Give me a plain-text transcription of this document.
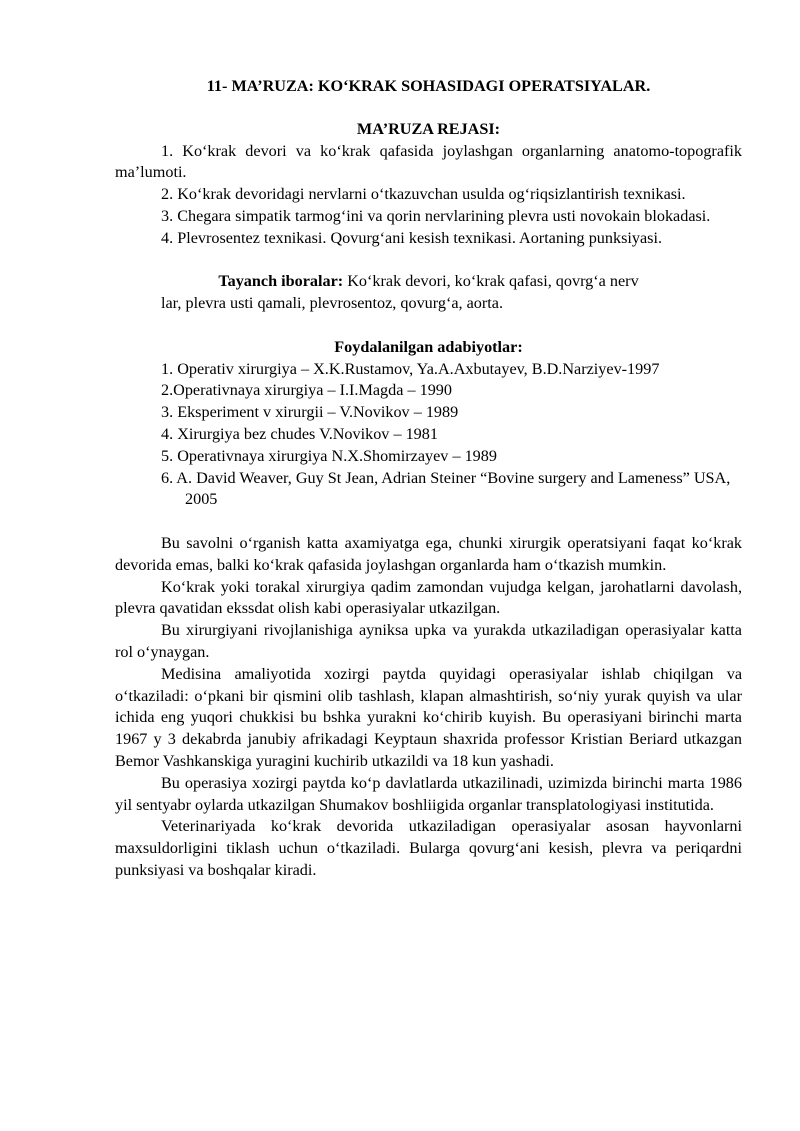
11- MA’RUZA: KO‘KRAK SOHASIDAGI OPERATSIYALAR.

MA’RUZA REJASI:

1. Ko‘krak devori va ko‘krak qafasida joylashgan organlarning anatomo-topografik ma’lumoti.

2. Ko‘krak devoridagi nervlarni o‘tkazuvchan usulda og‘riqsizlantirish texnikasi.

3. Chegara simpatik tarmog‘ini va qorin nervlarining plevra usti novokain blokadasi.

4. Plevrosentez texnikasi. Qovurg‘ani kesish texnikasi. Aortaning punksiyasi.

Tayanch iboralar: Ko‘krak devori, ko‘krak qafasi, qovrg‘a nerv

lar, plevra usti qamali, plevrosentoz, qovurg‘a, aorta.

Foydalanilgan adabiyotlar:

1. Operativ xirurgiya – X.K.Rustamov, Ya.A.Axbutayev, B.D.Narziyev-1997

2.Operativnaya xirurgiya – I.I.Magda – 1990

3. Eksperiment v xirurgii – V.Novikov – 1989

4. Xirurgiya bez chudes V.Novikov – 1981

5. Operativnaya xirurgiya N.X.Shomirzayev – 1989

6. A. David Weaver, Guy St Jean, Adrian Steiner “Bovine surgery and Lameness” USA,

2005

Bu savolni o‘rganish katta axamiyatga ega, chunki xirurgik operatsiyani faqat ko‘krak devorida emas, balki ko‘krak qafasida joylashgan organlarda ham o‘tkazish mumkin.

Ko‘krak yoki torakal xirurgiya qadim zamondan vujudga kelgan, jarohatlarni davolash, plevra qavatidan ekssdat olish kabi operasiyalar utkazilgan.

Bu xirurgiyani rivojlanishiga ayniksa upka va yurakda utkaziladigan operasiyalar katta rol o‘ynaygan.

Medisina amaliyotida xozirgi paytda quyidagi operasiyalar ishlab chiqilgan va o‘tkaziladi: o‘pkani bir qismini olib tashlash, klapan almashtirish, so‘niy yurak quyish va ular ichida eng yuqori chukkisi bu bshka yurakni ko‘chirib kuyish. Bu operasiyani birinchi marta 1967 y 3 dekabrda janubiy afrikadagi Keyptaun shaxrida professor Kristian Beriard utkazgan Bemor Vashkanskiga yuragini kuchirib utkazildi va 18 kun yashadi.

Bu operasiya xozirgi paytda ko‘p davlatlarda utkazilinadi, uzimizda birinchi marta 1986 yil sentyabr oylarda utkazilgan Shumakov boshliigida organlar transplatologiyasi institutida.

Veterinariyada ko‘krak devorida utkaziladigan operasiyalar asosan hayvonlarni maxsuldorligini tiklash uchun o‘tkaziladi. Bularga qovurg‘ani kesish, plevra va periqardni punksiyasi va boshqalar kiradi.
